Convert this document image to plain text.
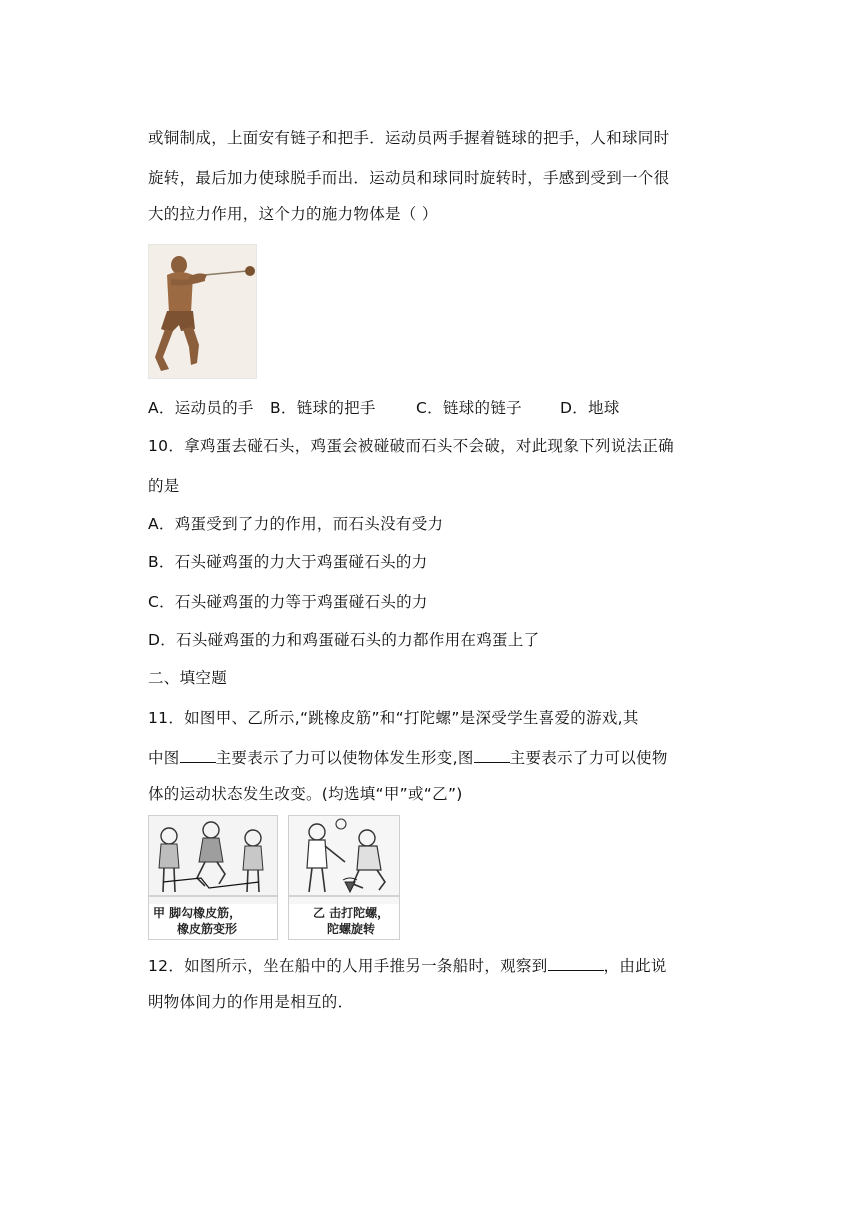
或铜制成，上面安有链子和把手．运动员两手握着链球的把手，人和球同时
旋转，最后加力使球脱手而出．运动员和球同时旋转时，手感到受到一个很
大的拉力作用，这个力的施力物体是（ ）
A．运动员的手 B．链球的把手	C．链球的链子 D．地球
10．拿鸡蛋去碰石头，鸡蛋会被碰破而石头不会破，对此现象下列说法正确
的是
A．鸡蛋受到了力的作用，而石头没有受力
B．石头碰鸡蛋的力大于鸡蛋碰石头的力
C．石头碰鸡蛋的力等于鸡蛋碰石头的力
D．石头碰鸡蛋的力和鸡蛋碰石头的力都作用在鸡蛋上了
二、填空题
11．如图甲、乙所示,“跳橡皮筋”和“打陀螺”是深受学生喜爱的游戏,其
中图 主要表示了力可以使物体发生形变,图 主要表示了力可以使物
体的运动状态发生改变。(均选填“甲”或“乙”)
甲 脚勾橡皮筋，
橡皮筋变形
乙 击打陀螺，
陀螺旋转
12．如图所示，坐在船中的人用手推另一条船时，观察到	，由此说
明物体间力的作用是相互的．
